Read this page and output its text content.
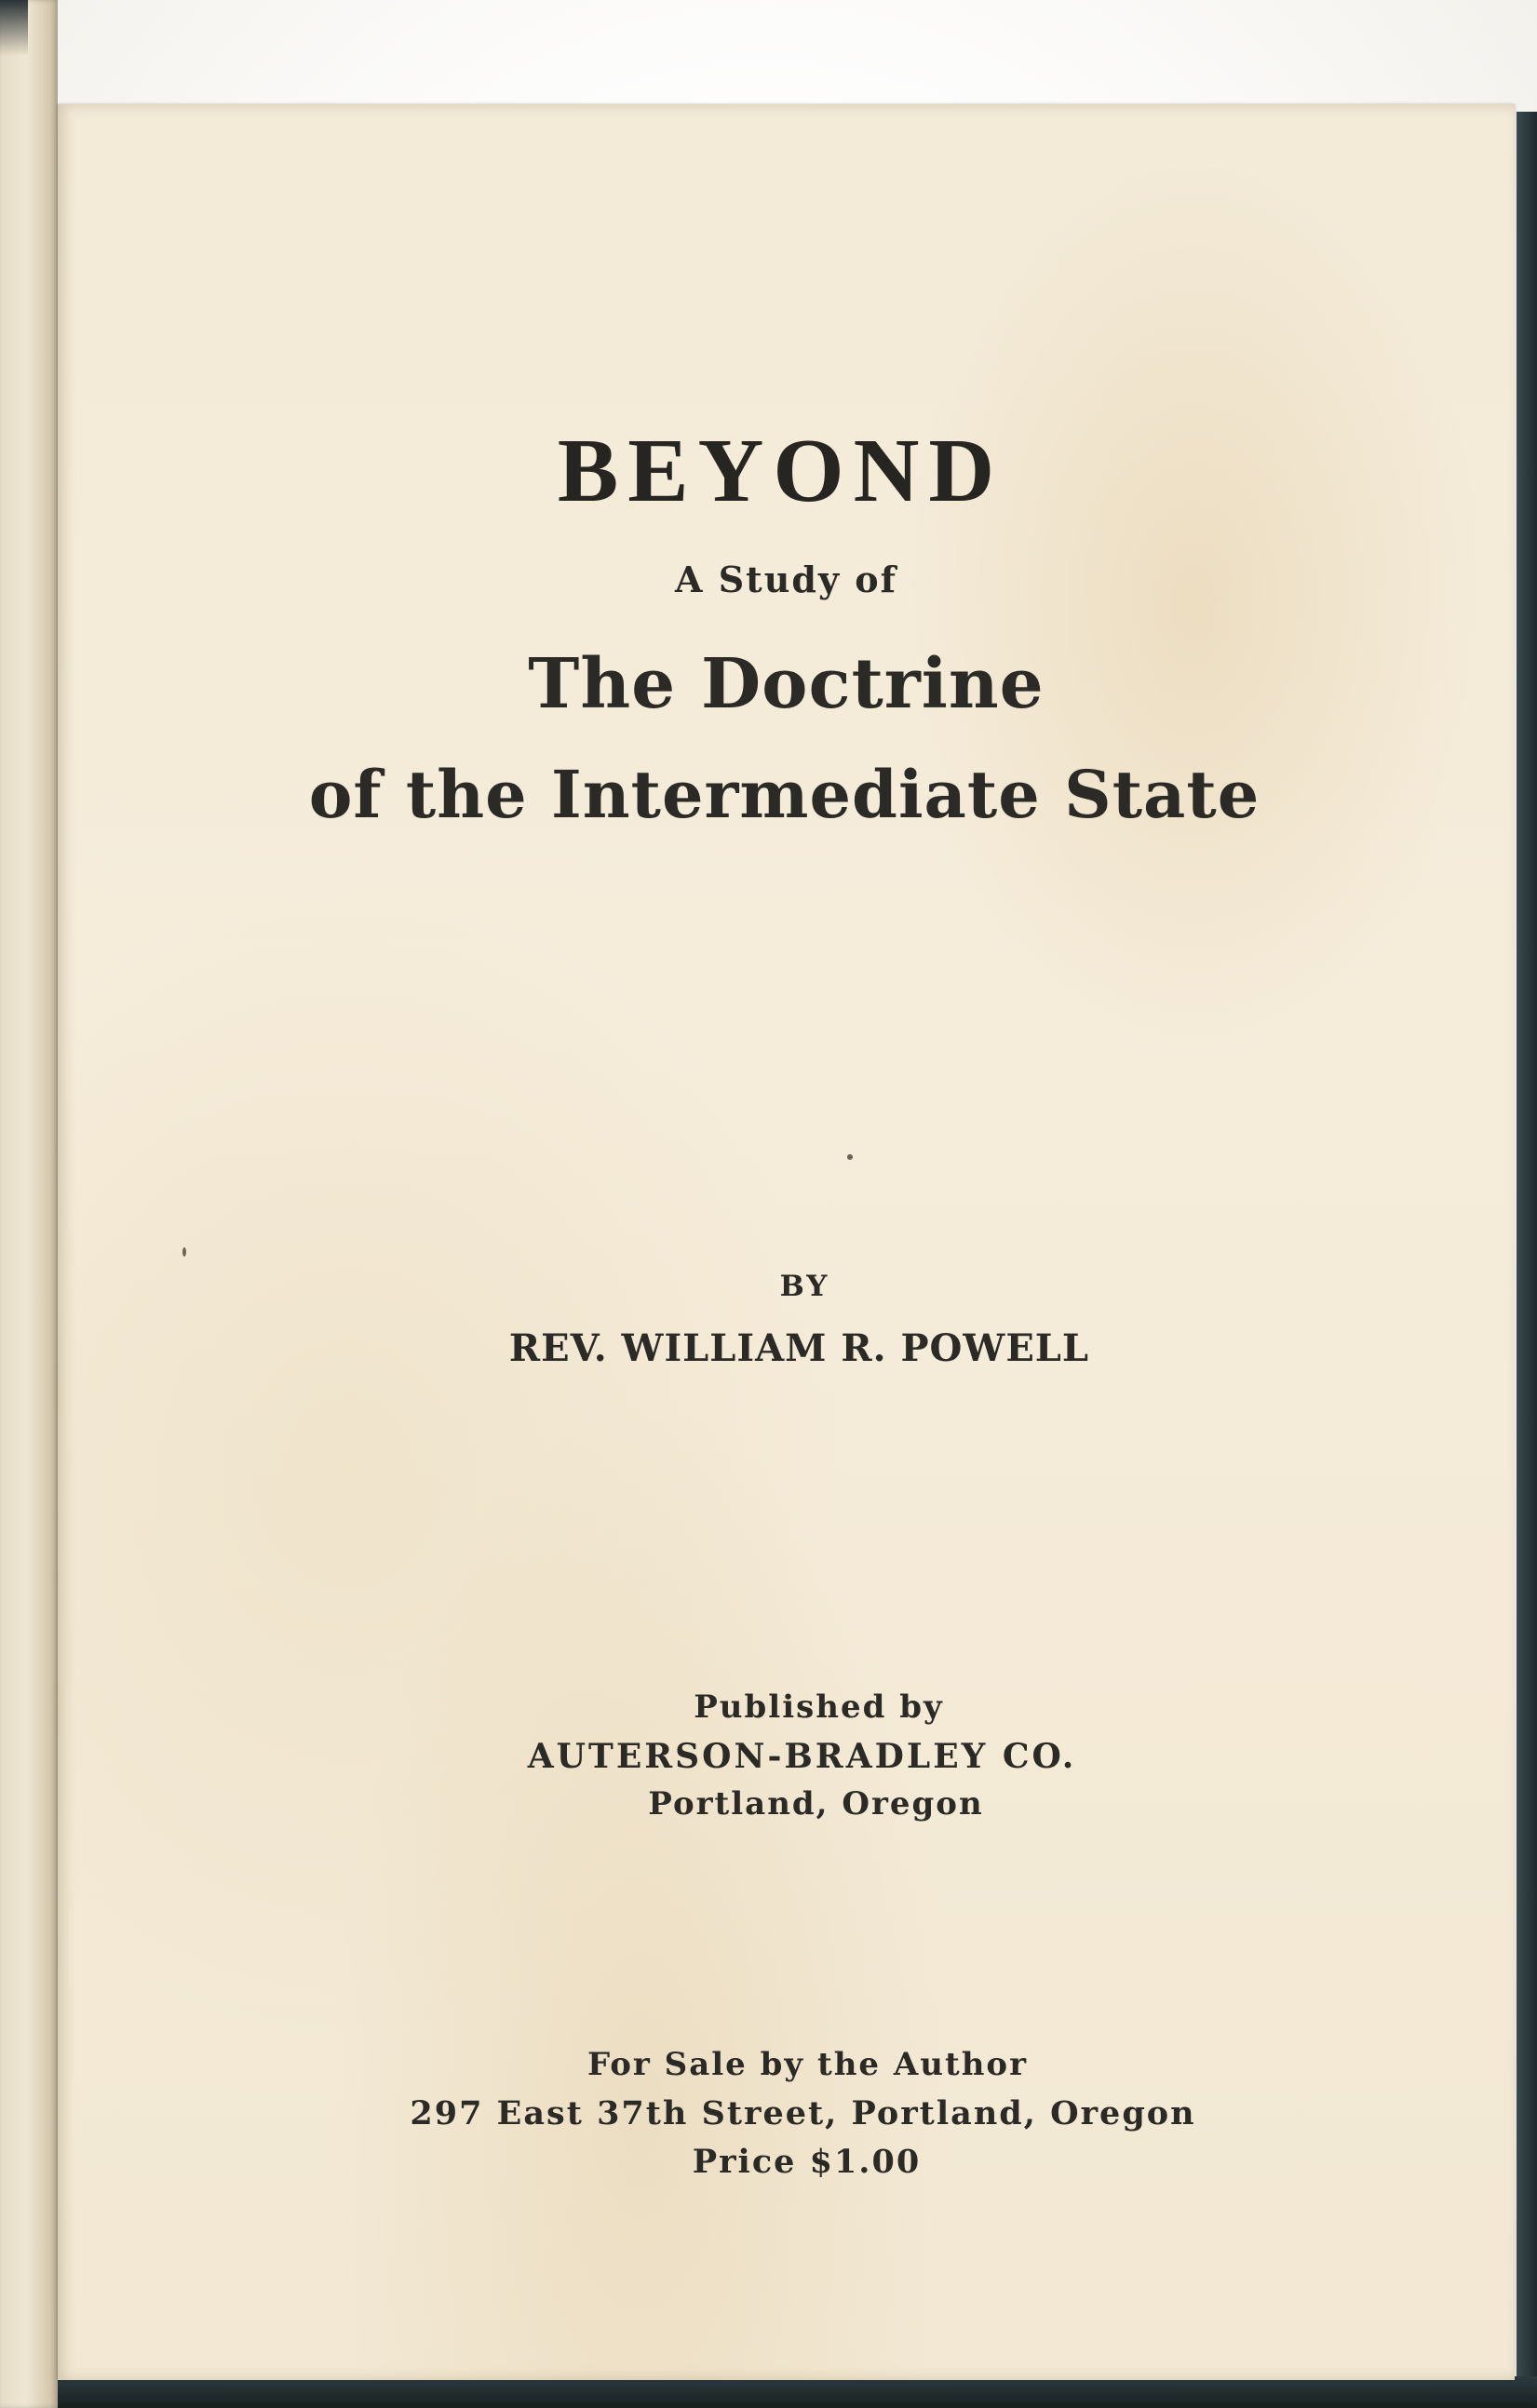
BEYOND
A Study of
The Doctrine
of the Intermediate State
BY
REV. WILLIAM R. POWELL
Published by
AUTERSON-BRADLEY CO.
Portland, Oregon
For Sale by the Author
297 East 37th Street, Portland, Oregon
Price $1.00
